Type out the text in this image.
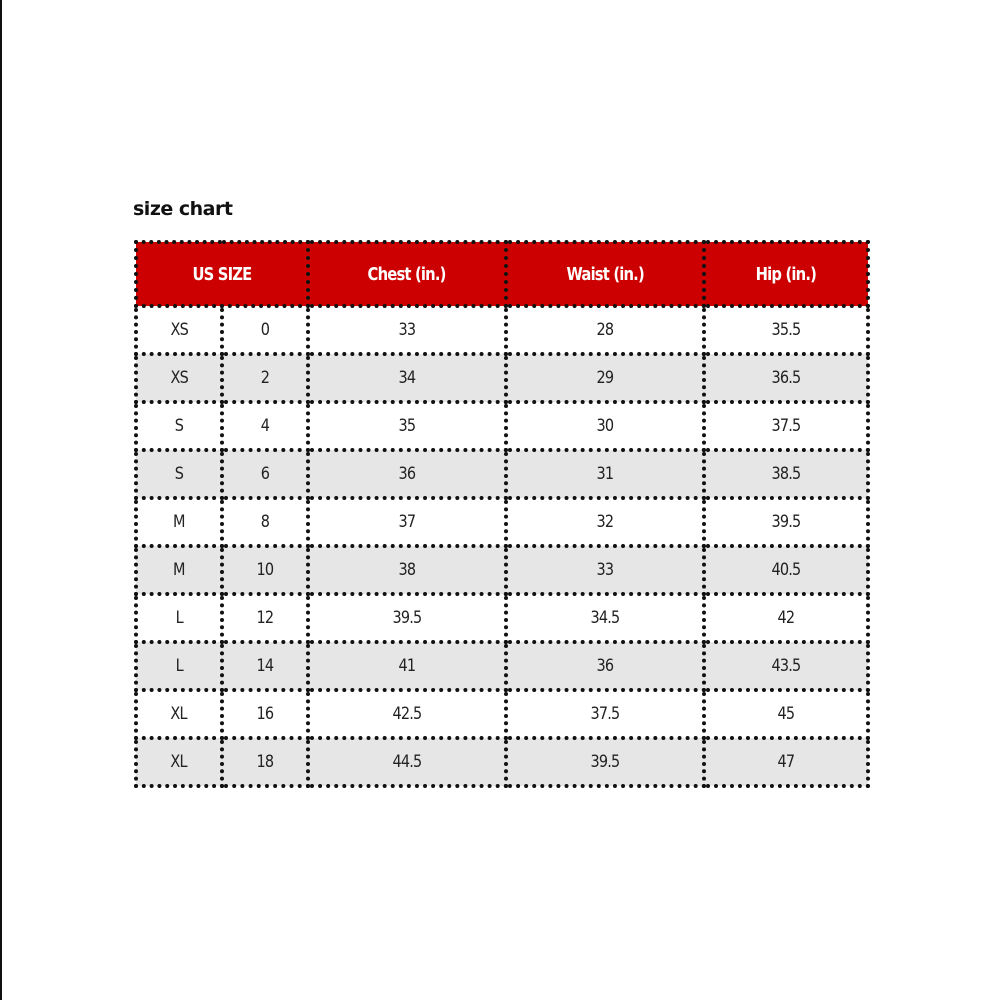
size chart
US SIZE		Chest (in.)	Waist (in.)	Hip (in.)
XS	0	33	28	35.5
XS	2	34	29	36.5
S	4	35	30	37.5
S	6	36	31	38.5
M	8	37	32	39.5
M	10	38	33	40.5
L	12	39.5	34.5	42
L	14	41	36	43.5
XL	16	42.5	37.5	45
XL	18	44.5	39.5	47
